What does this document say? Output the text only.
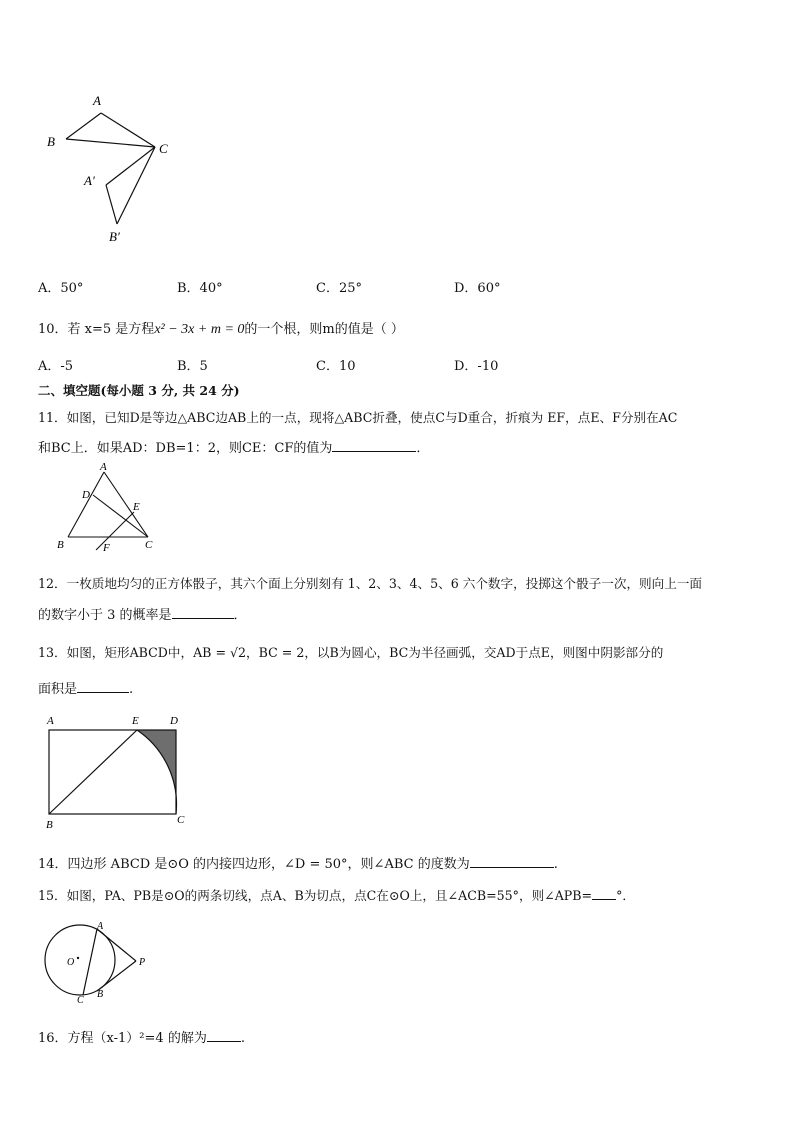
A
B	C
A′
B′
A．50°	B．40°	C．25°	D．60°
10．若 x=5 是方程x² − 3x + m = 0的一个根，则m的值是（ ）
A．-5	B．5	C．10	D．-10
二、填空题(每小题 3 分, 共 24 分)
11．如图，已知D是等边△ABC边AB上的一点，现将△ABC折叠，使点C与D重合，折痕为 EF，点E、F分别在AC
和BC上．如果AD：DB=1：2，则CE：CF的值为	．
A
D
E
B	F	C
12．一枚质地均匀的正方体骰子，其六个面上分别刻有 1、2、3、4、5、6 六个数字，投掷这个骰子一次，则向上一面
的数字小于 3 的概率是	．
13．如图，矩形ABCD中，AB = √2，BC = 2，以B为圆心，BC为半径画弧，交AD于点E，则图中阴影部分的
面积是	.
A	E	D
B	C
14．四边形 ABCD 是⊙O 的内接四边形，∠D = 50°，则∠ABC 的度数为	.
15．如图，PA、PB是⊙O的两条切线，点A、B为切点，点C在⊙O上，且∠ACB=55°，则∠APB= °．
A
O	P
C
B
16．方程（x-1）²=4 的解为	.
